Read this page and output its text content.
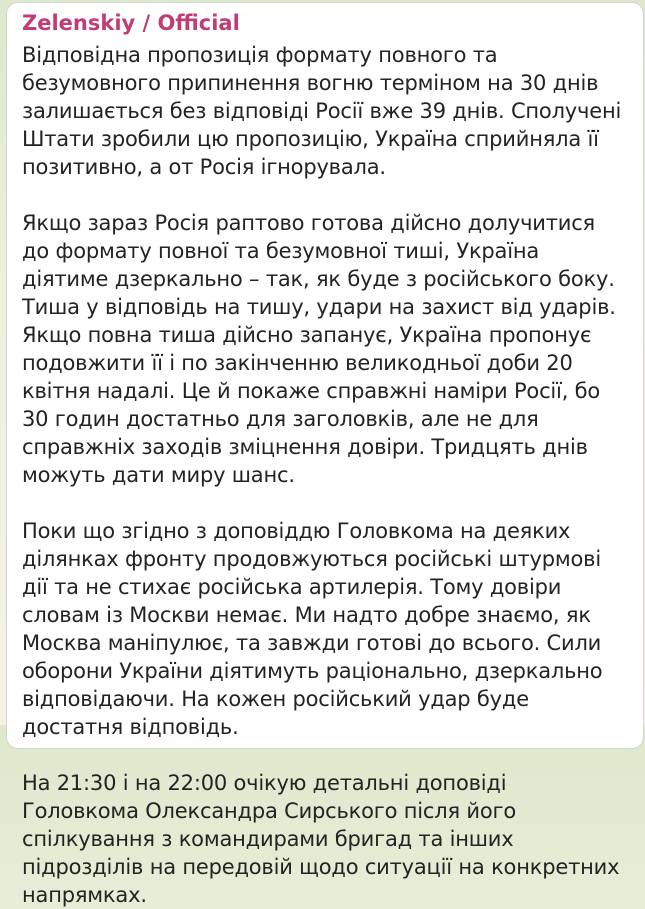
Zelenskiy / Official

Відповідна пропозиція формату повного та безумовного припинення вогню терміном на 30 днів залишається без відповіді Росії вже 39 днів. Сполучені Штати зробили цю пропозицію, Україна сприйняла її позитивно, а от Росія ігнорувала.

Якщо зараз Росія раптово готова дійсно долучитися до формату повної та безумовної тиші, Україна діятиме дзеркально – так, як буде з російського боку. Тиша у відповідь на тишу, удари на захист від ударів. Якщо повна тиша дійсно запанує, Україна пропонує подовжити її і по закінченню великодньої доби 20 квітня надалі. Це й покаже справжні наміри Росії, бо 30 годин достатньо для заголовків, але не для справжніх заходів зміцнення довіри. Тридцять днів можуть дати миру шанс.

Поки що згідно з доповіддю Головкома на деяких ділянках фронту продовжуються російські штурмові дії та не стихає російська артилерія. Тому довіри словам із Москви немає. Ми надто добре знаємо, як Москва маніпулює, та завжди готові до всього. Сили оборони України діятимуть раціонально, дзеркально відповідаючи. На кожен російський удар буде достатня відповідь.

На 21:30 і на 22:00 очікую детальні доповіді Головкома Олександра Сирського після його спілкування з командирами бригад та інших підрозділів на передовій щодо ситуації на конкретних напрямках.
